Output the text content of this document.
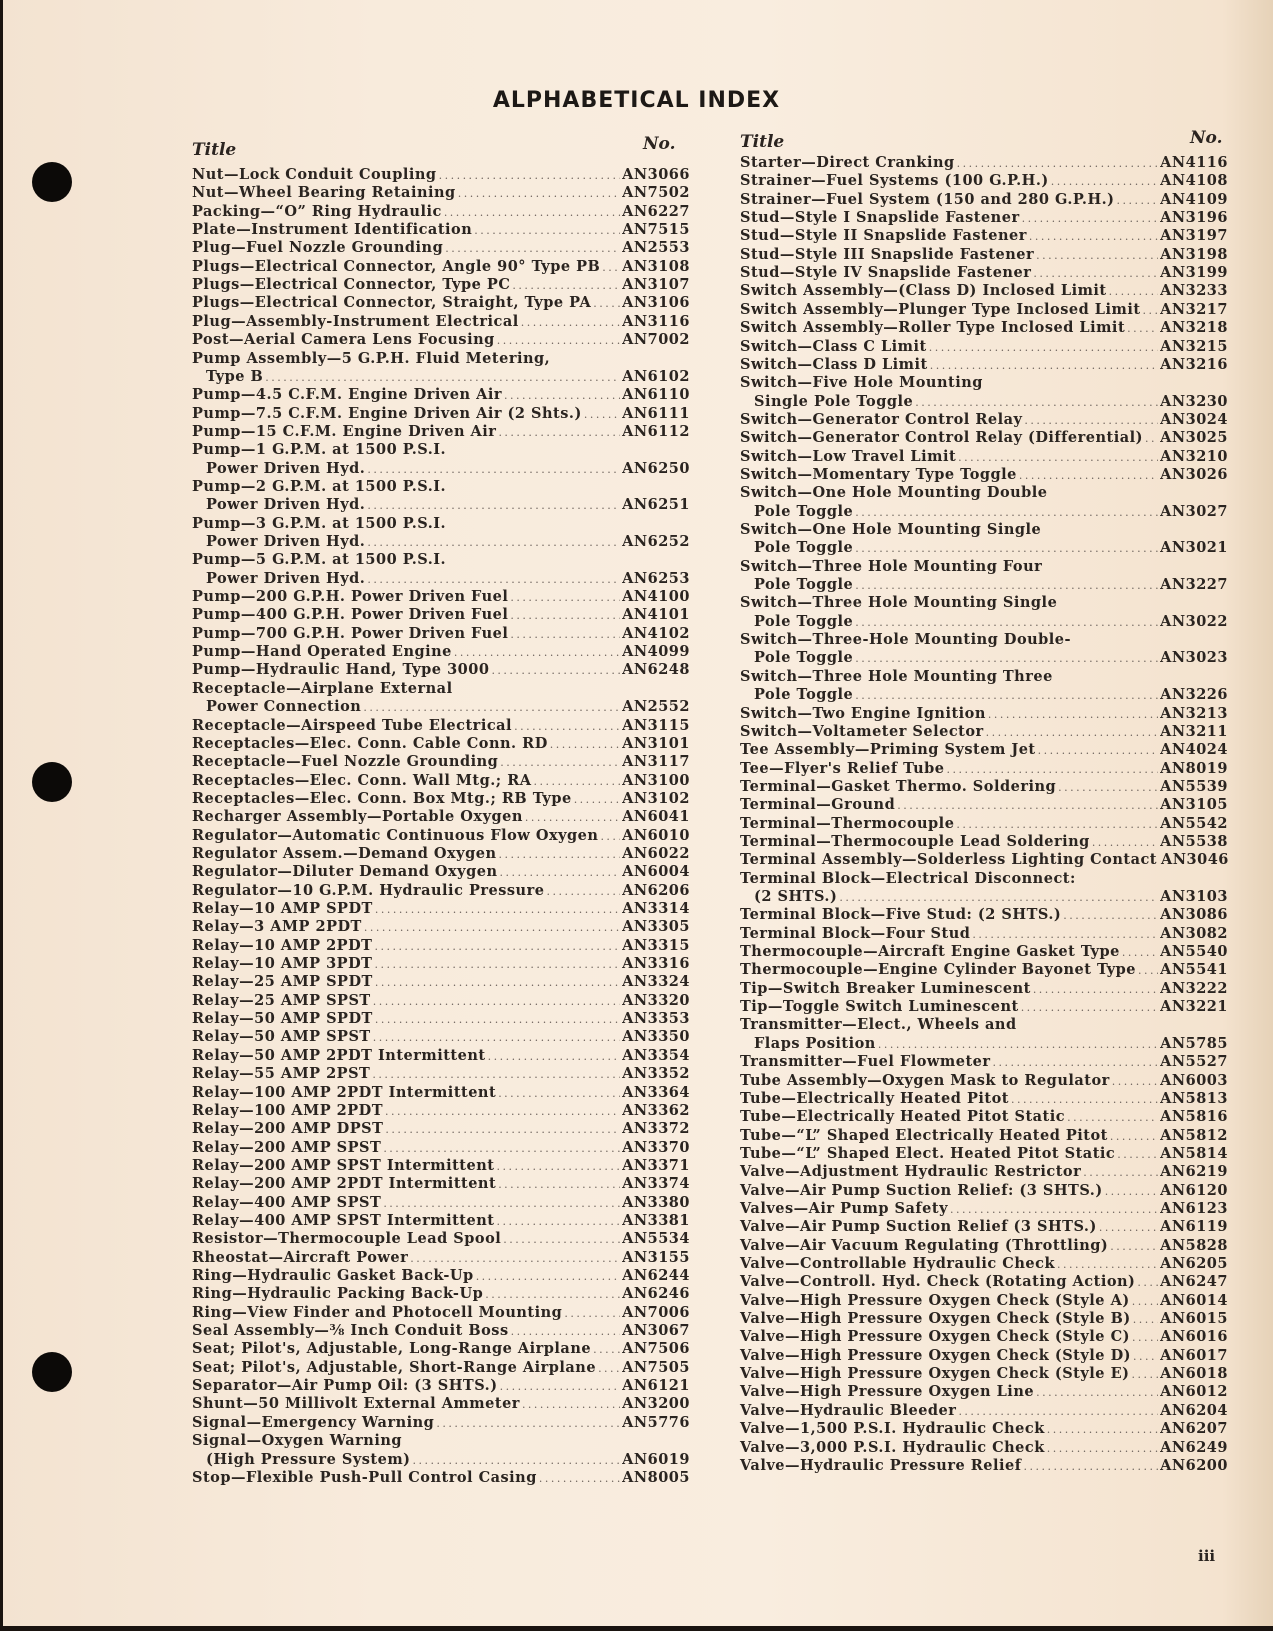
ALPHABETICAL INDEX
Title	No.	Title	No.
Nut—Lock Conduit Coupling .....	AN3066
Nut—Wheel Bearing Retaining .....	AN7502
Packing—“O” Ring Hydraulic .....	AN6227
Plate—Instrument Identification .....	AN7515
Plug—Fuel Nozzle Grounding .....	AN2553
Plugs—Electrical Connector, Angle 90° Type PB ..... AN3108
Plugs—Electrical Connector, Type PC .....	AN3107
Plugs—Electrical Connector, Straight, Type PA ..... AN3106
Plug—Assembly-Instrument Electrical .....	AN3116
Post—Aerial Camera Lens Focusing .....	AN7002
Pump Assembly—5 G.P.H. Fluid Metering,
Type B .....	AN6102
Pump—4.5 C.F.M. Engine Driven Air .....	AN6110
Pump—7.5 C.F.M. Engine Driven Air (2 Shts.) .....	AN6111
Pump—15 C.F.M. Engine Driven Air .....	AN6112
Pump—1 G.P.M. at 1500 P.S.I.
Power Driven Hyd. .....	AN6250
Pump—2 G.P.M. at 1500 P.S.I.
Power Driven Hyd. .....	AN6251
Pump—3 G.P.M. at 1500 P.S.I.
Power Driven Hyd. .....	AN6252
Pump—5 G.P.M. at 1500 P.S.I.
Power Driven Hyd. .....	AN6253
Pump—200 G.P.H. Power Driven Fuel .....	AN4100
Pump—400 G.P.H. Power Driven Fuel .....	AN4101
Pump—700 G.P.H. Power Driven Fuel .....	AN4102
Pump—Hand Operated Engine .....	AN4099
Pump—Hydraulic Hand, Type 3000 .....	AN6248
Receptacle—Airplane External
Power Connection .....	AN2552
Receptacle—Airspeed Tube Electrical .....	AN3115
Receptacles—Elec. Conn. Cable Conn. RD .....	AN3101
Receptacle—Fuel Nozzle Grounding .....	AN3117
Receptacles—Elec. Conn. Wall Mtg.; RA .....	AN3100
Receptacles—Elec. Conn. Box Mtg.; RB Type .....	AN3102
Recharger Assembly—Portable Oxygen .....	AN6041
Regulator—Automatic Continuous Flow Oxygen ..... AN6010
Regulator Assem.—Demand Oxygen .....	AN6022
Regulator—Diluter Demand Oxygen .....	AN6004
Regulator—10 G.P.M. Hydraulic Pressure .....	AN6206
Relay—10 AMP SPDT .....	AN3314
Relay—3 AMP 2PDT .....	AN3305
Relay—10 AMP 2PDT .....	AN3315
Relay—10 AMP 3PDT .....	AN3316
Relay—25 AMP SPDT .....	AN3324
Relay—25 AMP SPST .....	AN3320
Relay—50 AMP SPDT .....	AN3353
Relay—50 AMP SPST .....	AN3350
Relay—50 AMP 2PDT Intermittent .....	AN3354
Relay—55 AMP 2PST .....	AN3352
Relay—100 AMP 2PDT Intermittent .....	AN3364
Relay—100 AMP 2PDT .....	AN3362
Relay—200 AMP DPST .....	AN3372
Relay—200 AMP SPST .....	AN3370
Relay—200 AMP SPST Intermittent .....	AN3371
Relay—200 AMP 2PDT Intermittent .....	AN3374
Relay—400 AMP SPST .....	AN3380
Relay—400 AMP SPST Intermittent .....	AN3381
Resistor—Thermocouple Lead Spool .....	AN5534
Rheostat—Aircraft Power .....	AN3155
Ring—Hydraulic Gasket Back-Up .....	AN6244
Ring—Hydraulic Packing Back-Up .....	AN6246
Ring—View Finder and Photocell Mounting .....	AN7006
Seal Assembly—⅜ Inch Conduit Boss .....	AN3067
Seat; Pilot's, Adjustable, Long-Range Airplane ..... AN7506
Seat; Pilot's, Adjustable, Short-Range Airplane ..... AN7505
Separator—Air Pump Oil: (3 SHTS.) .....	AN6121
Shunt—50 Millivolt External Ammeter .....	AN3200
Signal—Emergency Warning .....	AN5776
Signal—Oxygen Warning
(High Pressure System) .....	AN6019
Stop—Flexible Push-Pull Control Casing .....	AN8005
Starter—Direct Cranking .....	AN4116
Strainer—Fuel Systems (100 G.P.H.) .....	AN4108
Strainer—Fuel System (150 and 280 G.P.H.) .....	AN4109
Stud—Style I Snapslide Fastener .....	AN3196
Stud—Style II Snapslide Fastener .....	AN3197
Stud—Style III Snapslide Fastener .....	AN3198
Stud—Style IV Snapslide Fastener .....	AN3199
Switch Assembly—(Class D) Inclosed Limit .....	AN3233
Switch Assembly—Plunger Type Inclosed Limit ..... AN3217
Switch Assembly—Roller Type Inclosed Limit ..... AN3218
Switch—Class C Limit .....	AN3215
Switch—Class D Limit .....	AN3216
Switch—Five Hole Mounting
Single Pole Toggle .....	AN3230
Switch—Generator Control Relay .....	AN3024
Switch—Generator Control Relay (Differential) ..... AN3025
Switch—Low Travel Limit .....	AN3210
Switch—Momentary Type Toggle .....	AN3026
Switch—One Hole Mounting Double
Pole Toggle .....	AN3027
Switch—One Hole Mounting Single
Pole Toggle .....	AN3021
Switch—Three Hole Mounting Four
Pole Toggle .....	AN3227
Switch—Three Hole Mounting Single
Pole Toggle .....	AN3022
Switch—Three-Hole Mounting Double-
Pole Toggle .....	AN3023
Switch—Three Hole Mounting Three
Pole Toggle .....	AN3226
Switch—Two Engine Ignition .....	AN3213
Switch—Voltameter Selector .....	AN3211
Tee Assembly—Priming System Jet .....	AN4024
Tee—Flyer's Relief Tube .....	AN8019
Terminal—Gasket Thermo. Soldering .....	AN5539
Terminal—Ground .....	AN3105
Terminal—Thermocouple .....	AN5542
Terminal—Thermocouple Lead Soldering .....	AN5538
Terminal Assembly—Solderless Lighting Contact AN3046
Terminal Block—Electrical Disconnect:
(2 SHTS.) .....	AN3103
Terminal Block—Five Stud: (2 SHTS.) .....	AN3086
Terminal Block—Four Stud .....	AN3082
Thermocouple—Aircraft Engine Gasket Type .....	AN5540
Thermocouple—Engine Cylinder Bayonet Type ..... AN5541
Tip—Switch Breaker Luminescent .....	AN3222
Tip—Toggle Switch Luminescent .....	AN3221
Transmitter—Elect., Wheels and
Flaps Position .....	AN5785
Transmitter—Fuel Flowmeter .....	AN5527
Tube Assembly—Oxygen Mask to Regulator .....	AN6003
Tube—Electrically Heated Pitot .....	AN5813
Tube—Electrically Heated Pitot Static .....	AN5816
Tube—“L” Shaped Electrically Heated Pitot .....	AN5812
Tube—“L” Shaped Elect. Heated Pitot Static .....	AN5814
Valve—Adjustment Hydraulic Restrictor .....	AN6219
Valve—Air Pump Suction Relief: (3 SHTS.) .....	AN6120
Valves—Air Pump Safety .....	AN6123
Valve—Air Pump Suction Relief (3 SHTS.) .....	AN6119
Valve—Air Vacuum Regulating (Throttling) .....	AN5828
Valve—Controllable Hydraulic Check .....	AN6205
Valve—Controll. Hyd. Check (Rotating Action) ..... AN6247
Valve—High Pressure Oxygen Check (Style A) ..... AN6014
Valve—High Pressure Oxygen Check (Style B) ..... AN6015
Valve—High Pressure Oxygen Check (Style C) ..... AN6016
Valve—High Pressure Oxygen Check (Style D) ..... AN6017
Valve—High Pressure Oxygen Check (Style E) ..... AN6018
Valve—High Pressure Oxygen Line .....	AN6012
Valve—Hydraulic Bleeder .....	AN6204
Valve—1,500 P.S.I. Hydraulic Check .....	AN6207
Valve—3,000 P.S.I. Hydraulic Check .....	AN6249
Valve—Hydraulic Pressure Relief .....	AN6200
iii
